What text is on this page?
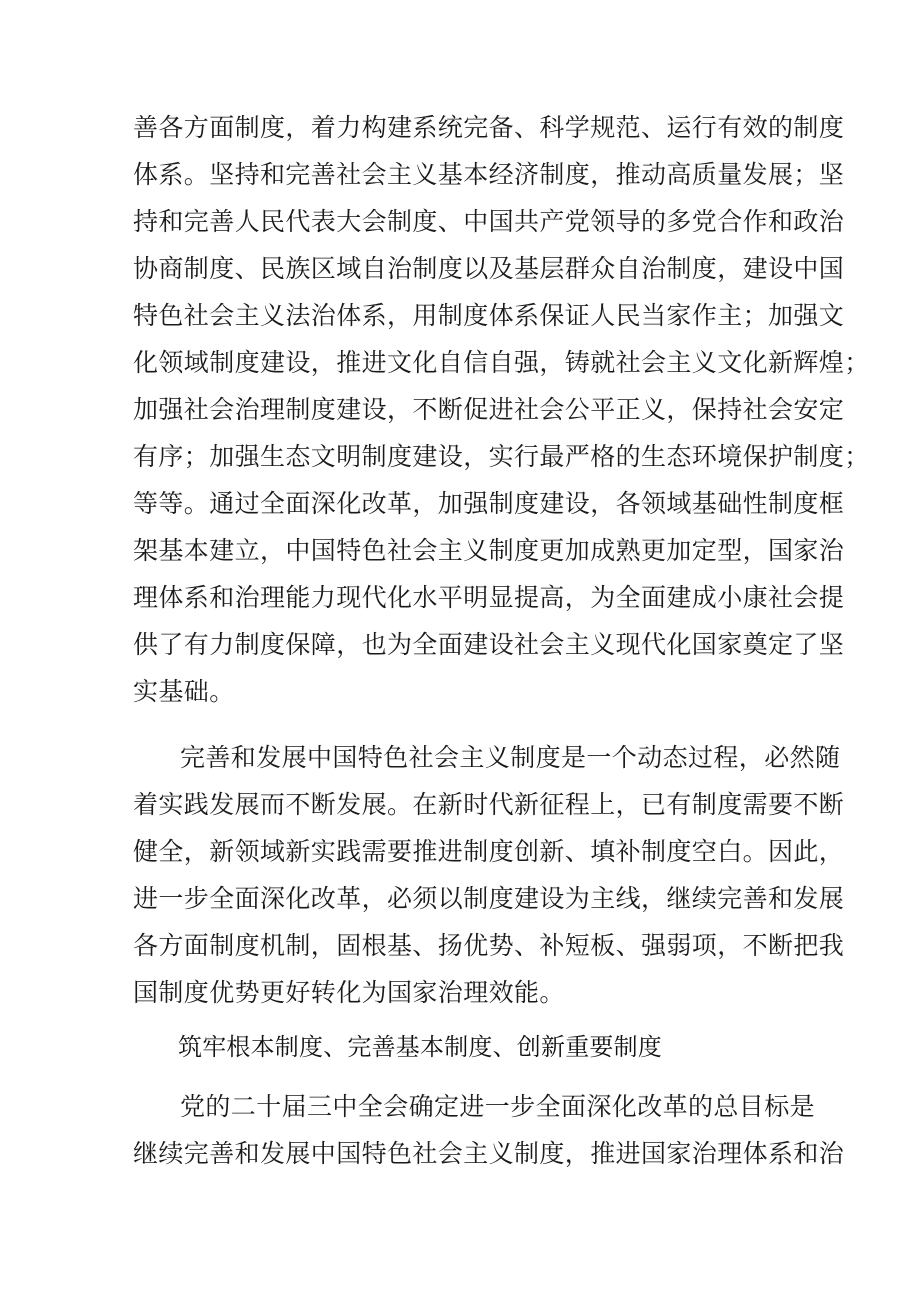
善各方面制度，着力构建系统完备、科学规范、运行有效的制度
体系。坚持和完善社会主义基本经济制度，推动高质量发展；坚
持和完善人民代表大会制度、中国共产党领导的多党合作和政治
协商制度、民族区域自治制度以及基层群众自治制度，建设中国
特色社会主义法治体系，用制度体系保证人民当家作主；加强文
化领域制度建设，推进文化自信自强，铸就社会主义文化新辉煌；
加强社会治理制度建设，不断促进社会公平正义，保持社会安定
有序；加强生态文明制度建设，实行最严格的生态环境保护制度；
等等。通过全面深化改革，加强制度建设，各领域基础性制度框
架基本建立，中国特色社会主义制度更加成熟更加定型，国家治
理体系和治理能力现代化水平明显提高，为全面建成小康社会提
供了有力制度保障，也为全面建设社会主义现代化国家奠定了坚
实基础。
完善和发展中国特色社会主义制度是一个动态过程，必然随
着实践发展而不断发展。在新时代新征程上，已有制度需要不断
健全，新领域新实践需要推进制度创新、填补制度空白。因此，
进一步全面深化改革，必须以制度建设为主线，继续完善和发展
各方面制度机制，固根基、扬优势、补短板、强弱项，不断把我
国制度优势更好转化为国家治理效能。
筑牢根本制度、完善基本制度、创新重要制度
党的二十届三中全会确定进一步全面深化改革的总目标是
继续完善和发展中国特色社会主义制度，推进国家治理体系和治
